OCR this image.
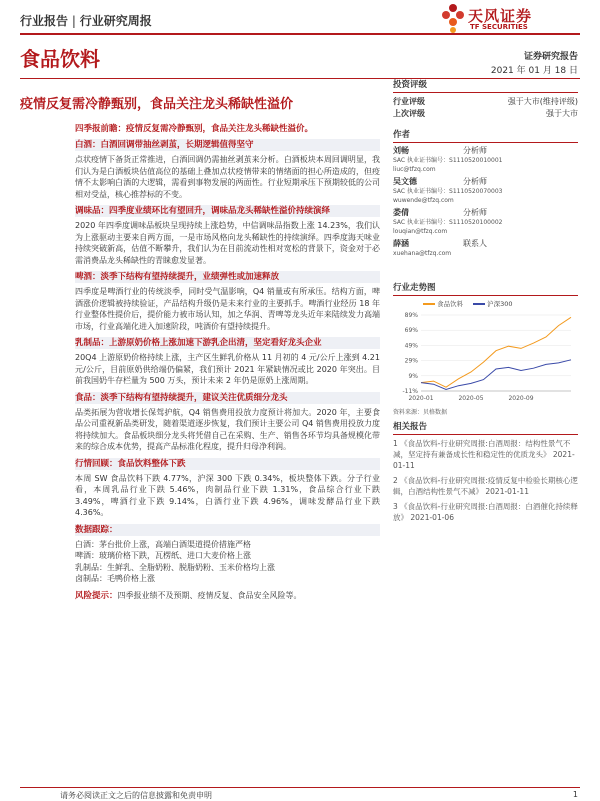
行业报告 | 行业研究周报	天风证券
TF SECURITIES
食品饮料	证券研究报告
2021 年 01 月 18 日
疫情反复需冷静甄别，食品关注龙头稀缺性溢价
四季报前瞻：疫情反复需冷静甄别，食品关注龙头稀缺性溢价。
白酒：白酒回调带抽丝剥茧，长期逻辑值得坚守
点状疫情下备货正常推进，白酒回调仍需抽丝剥茧来分析。白酒板块本周回调明显，我们认为是白酒板块估值高位的基础上叠加点状疫情带来的情绪面的担心所造成的，但疫情不太影响白酒的大逻辑，需看到事物发展的两面性。行业短期承压下预期较低的公司相对受益，核心推荐标的不变。
调味品：四季度业绩环比有望回升，调味品龙头稀缺性溢价持续演绎
2020 年四季度调味品板块呈现持续上涨趋势，中信调味品指数上涨 14.23%，我们认为上涨驱动主要来自两方面，一是市场风格向龙头稀缺性的持续演绎。四季度海天味业持续突破新高，估值不断攀升，我们认为在目前流动性相对宽松的背景下，资金对于必需消费品龙头稀缺性的青睐愈发显著。
啤酒：淡季下结构有望持续提升，业绩弹性或加速释放
四季度是啤酒行业的传统淡季，同时受气温影响，Q4 销量或有所承压。结构方面，啤酒涨价逻辑被持续验证，产品结构升级仍是未来行业的主要抓手。啤酒行业经历 18 年行业整体性提价后，提价能力被市场认知，加之华润、青啤等龙头近年来陆续发力高端市场，行业高端化进入加速阶段，吨酒价有望持续提升。
乳制品：上游原奶价格上涨加速下游乳企出清，坚定看好龙头企业
20Q4 上游原奶价格持续上涨，主产区生鲜乳价格从 11 月初的 4 元/公斤上涨到 4.21 元/公斤，目前原奶供给端仍偏紧，我们预计 2021 年紧缺情况或比 2020 年突出。目前我国奶牛存栏量为 500 万头，预计未来 2 年仍是原奶上涨周期。
食品：淡季下结构有望持续提升，建议关注优质细分龙头
品类拓展为营收增长保驾护航，Q4 销售费用投放力度预计将加大。2020 年，主要食品公司重视新品类研发，随着渠道逐步恢复，我们预计主要公司 Q4 销售费用投放力度将持续加大。食品板块细分龙头将凭借自己在采购、生产、销售各环节均具备规模化带来的综合成本优势，提高产品标准化程度，提升归母净利润。
行情回顾：食品饮料整体下跌
本周 SW 食品饮料下跌 4.77%，沪深 300 下跌 0.34%，板块整体下跌。分子行业看，本周乳品行业下跌 5.46%，肉制品行业下跌 1.31%，食品综合行业下跌 3.49%，啤酒行业下跌 9.14%，白酒行业下跌 4.96%，调味发酵品行业下跌 4.36%。
数据跟踪：
白酒：茅台批价上涨，高端白酒渠道提价措施严格
啤酒：玻璃价格下跌，瓦楞纸、进口大麦价格上涨
乳制品：生鲜乳、全脂奶粉、脱脂奶粉、玉米价格均上涨
卤制品：毛鸭价格上涨
风险提示：四季报业绩不及预期、疫情反复、食品安全风险等。
投资评级
行业评级	强于大市(维持评级)
上次评级	强于大市
作者
刘畅	分析师
SAC 执业证书编号：S1110520010001
liuc@tfzq.com
吴文德	分析师
SAC 执业证书编号：S1110520070003
wuwende@tfzq.com
娄倩	分析师
SAC 执业证书编号：S1110520100002
louqian@tfzq.com
薛涵	联系人
xuehana@tfzq.com
行业走势图
食品饮料	沪深300
89%
69%
49%
29%
9%
-11%
2020-01	2020-05	2020-09
资料来源：贝格数据
相关报告
1 《食品饮料-行业研究周报:白酒周报：结构性景气不减，坚定持有兼备成长性和稳定性的优质龙头》 2021-01-11
2 《食品饮料-行业研究周报:疫情反复中检验长期核心逻辑，白酒结构性景气不减》 2021-01-11
3 《食品饮料-行业研究周报:白酒周报：白酒催化持续释放》 2021-01-06
请务必阅读正文之后的信息披露和免责申明	1
